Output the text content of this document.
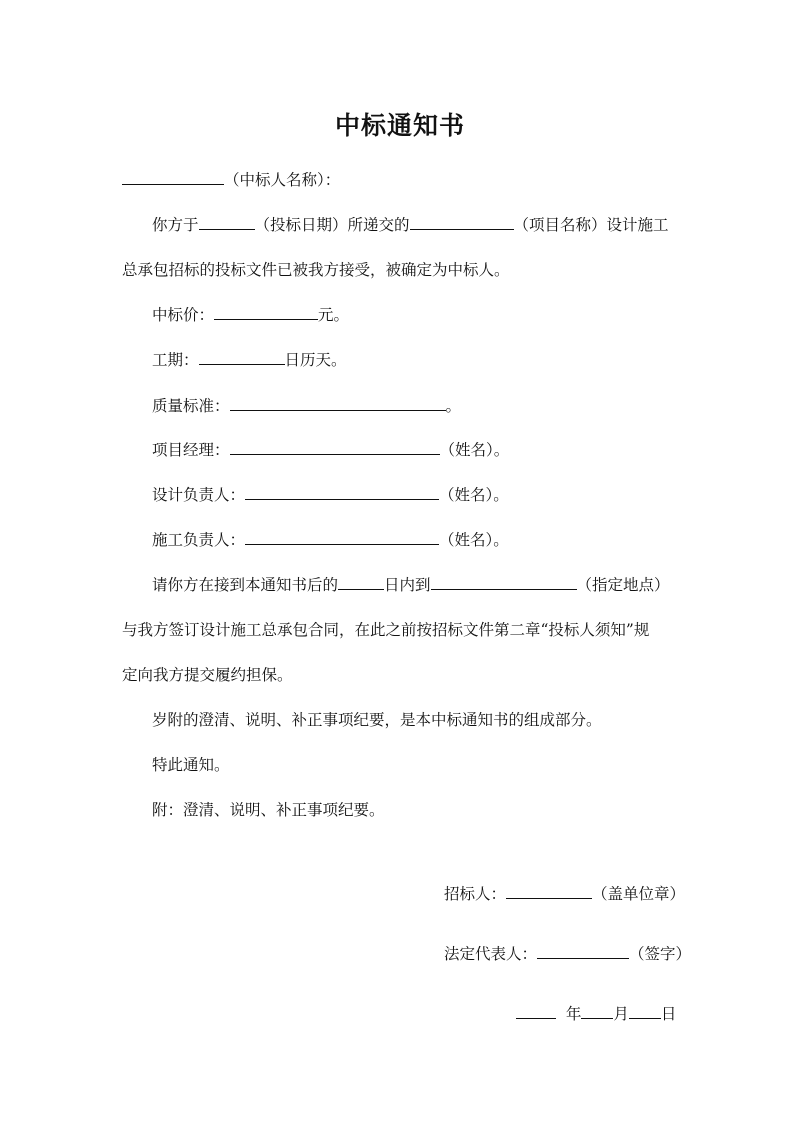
中标通知书
（中标人名称）：
你方于	（投标日期）所递交的	（项目名称）设计施工
总承包招标的投标文件已被我方接受，被确定为中标人。
中标价：	元。
工期：	日历天。
质量标准：	。
项目经理：	（姓名）。
设计负责人：	（姓名）。
施工负责人：	（姓名）。
请你方在接到本通知书后的	日内到	（指定地点）
与我方签订设计施工总承包合同，在此之前按招标文件第二章“投标人须知”规
定向我方提交履约担保。
岁附的澄清、说明、补正事项纪要，是本中标通知书的组成部分。
特此通知。
附：澄清、说明、补正事项纪要。
招标人：	（盖单位章）
法定代表人：	（签字）
年 月 日
